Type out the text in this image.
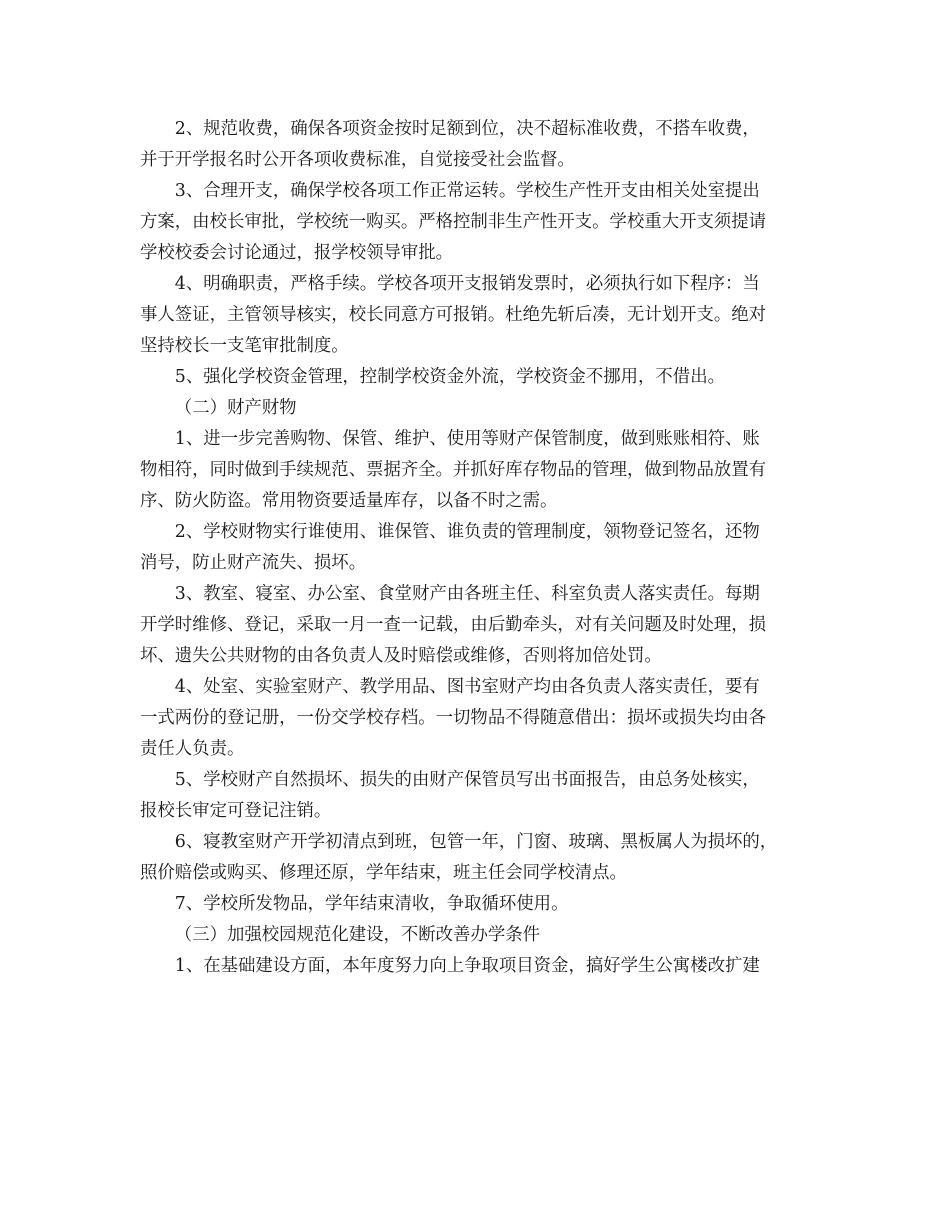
2、规范收费，确保各项资金按时足额到位，决不超标准收费，不搭车收费，
并于开学报名时公开各项收费标准，自觉接受社会监督。
3、合理开支，确保学校各项工作正常运转。学校生产性开支由相关处室提出
方案，由校长审批，学校统一购买。严格控制非生产性开支。学校重大开支须提请
学校校委会讨论通过，报学校领导审批。
4、明确职责，严格手续。学校各项开支报销发票时，必须执行如下程序：当
事人签证，主管领导核实，校长同意方可报销。杜绝先斩后凑，无计划开支。绝对
坚持校长一支笔审批制度。
5、强化学校资金管理，控制学校资金外流，学校资金不挪用，不借出。
（二）财产财物
1、进一步完善购物、保管、维护、使用等财产保管制度，做到账账相符、账
物相符，同时做到手续规范、票据齐全。并抓好库存物品的管理，做到物品放置有
序、防火防盗。常用物资要适量库存，以备不时之需。
2、学校财物实行谁使用、谁保管、谁负责的管理制度，领物登记签名，还物
消号，防止财产流失、损坏。
3、教室、寝室、办公室、食堂财产由各班主任、科室负责人落实责任。每期
开学时维修、登记，采取一月一查一记载，由后勤牵头，对有关问题及时处理，损
坏、遗失公共财物的由各负责人及时赔偿或维修，否则将加倍处罚。
4、处室、实验室财产、教学用品、图书室财产均由各负责人落实责任，要有
一式两份的登记册，一份交学校存档。一切物品不得随意借出：损坏或损失均由各
责任人负责。
5、学校财产自然损坏、损失的由财产保管员写出书面报告，由总务处核实，
报校长审定可登记注销。
6、寝教室财产开学初清点到班，包管一年，门窗、玻璃、黑板属人为损坏的，
照价赔偿或购买、修理还原，学年结束，班主任会同学校清点。
7、学校所发物品，学年结束清收，争取循环使用。
（三）加强校园规范化建设，不断改善办学条件
1、在基础建设方面，本年度努力向上争取项目资金，搞好学生公寓楼改扩建
